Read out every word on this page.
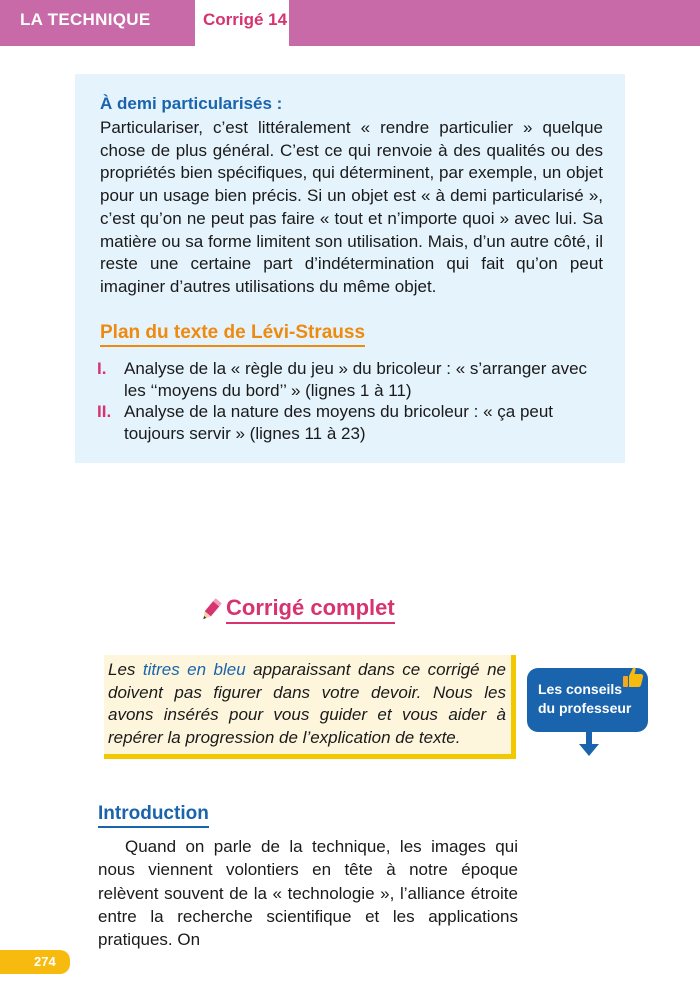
LA TECHNIQUE	Corrigé 14
À demi particularisés :
Particulariser, c’est littéralement « rendre particulier » quelque chose de plus général. C’est ce qui renvoie à des qualités ou des propriétés bien spécifiques, qui déterminent, par exemple, un objet pour un usage bien précis. Si un objet est « à demi particularisé », c’est qu’on ne peut pas faire « tout et n’importe quoi » avec lui. Sa matière ou sa forme limitent son utilisation. Mais, d’un autre côté, il reste une certaine part d’indétermination qui fait qu’on peut imaginer d’autres utilisations du même objet.
Plan du texte de Lévi-Strauss
I.	Analyse de la « règle du jeu » du bricoleur : « s’arranger avec les ‘‘moyens du bord’’ » (lignes 1 à 11)
II. Analyse de la nature des moyens du bricoleur : « ça peut toujours servir » (lignes 11 à 23)
Corrigé complet
Les titres en bleu apparaissant dans ce corrigé ne doivent pas figurer dans votre devoir. Nous les avons insérés pour vous guider et vous aider à repérer la progression de l’explication de texte.
Les conseils
du professeur
Introduction
Quand on parle de la technique, les images qui nous viennent volontiers en tête à notre époque relèvent souvent de la « technologie », l’alliance étroite entre la recherche scientifique et les applications pratiques. On
274
